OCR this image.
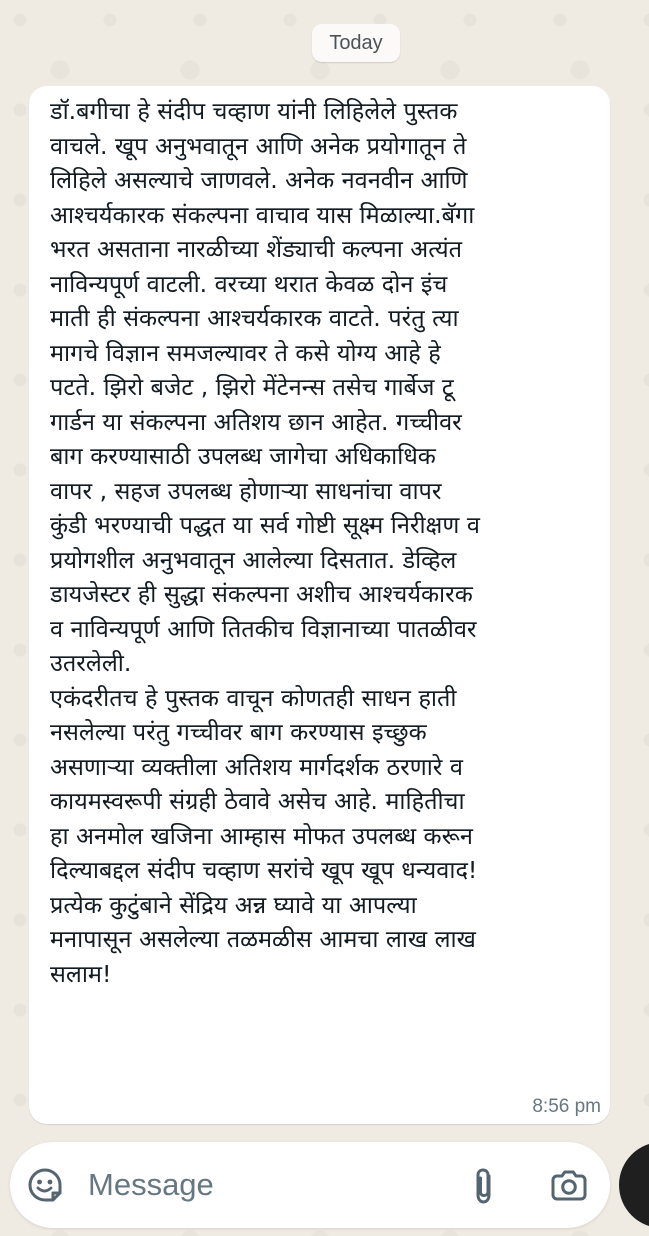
Today

डॉ.बगीचा हे संदीप चव्हाण यांनी लिहिलेले पुस्तक
वाचले. खूप अनुभवातून आणि अनेक प्रयोगातून ते
लिहिले असल्याचे जाणवले. अनेक नवनवीन आणि
आश्चर्यकारक संकल्पना वाचाव यास मिळाल्या.बॅगा
भरत असताना नारळीच्या शेंड्याची कल्पना अत्यंत
नाविन्यपूर्ण वाटली. वरच्या थरात केवळ दोन इंच
माती ही संकल्पना आश्चर्यकारक वाटते. परंतु त्या
मागचे विज्ञान समजल्यावर ते कसे योग्य आहे हे
पटते. झिरो बजेट , झिरो मेंटेनन्स तसेच गार्बेज टू
गार्डन या संकल्पना अतिशय छान आहेत. गच्चीवर
बाग करण्यासाठी उपलब्ध जागेचा अधिकाधिक
वापर , सहज उपलब्ध होणाऱ्या साधनांचा वापर
कुंडी भरण्याची पद्धत या सर्व गोष्टी सूक्ष्म निरीक्षण व
प्रयोगशील अनुभवातून आलेल्या दिसतात. डेव्हिल
डायजेस्टर ही सुद्धा संकल्पना अशीच आश्चर्यकारक
व नाविन्यपूर्ण आणि तितकीच विज्ञानाच्या पातळीवर
उतरलेली.
एकंदरीतच हे पुस्तक वाचून कोणतही साधन हाती
नसलेल्या परंतु गच्चीवर बाग करण्यास इच्छुक
असणाऱ्या व्यक्तीला अतिशय मार्गदर्शक ठरणारे व
कायमस्वरूपी संग्रही ठेवावे असेच आहे. माहितीचा
हा अनमोल खजिना आम्हास मोफत उपलब्ध करून
दिल्याबद्दल संदीप चव्हाण सरांचे खूप खूप धन्यवाद!
प्रत्येक कुटुंबाने सेंद्रिय अन्न घ्यावे या आपल्या
मनापासून असलेल्या तळमळीस आमचा लाख लाख
सलाम!

8:56 pm
Message
